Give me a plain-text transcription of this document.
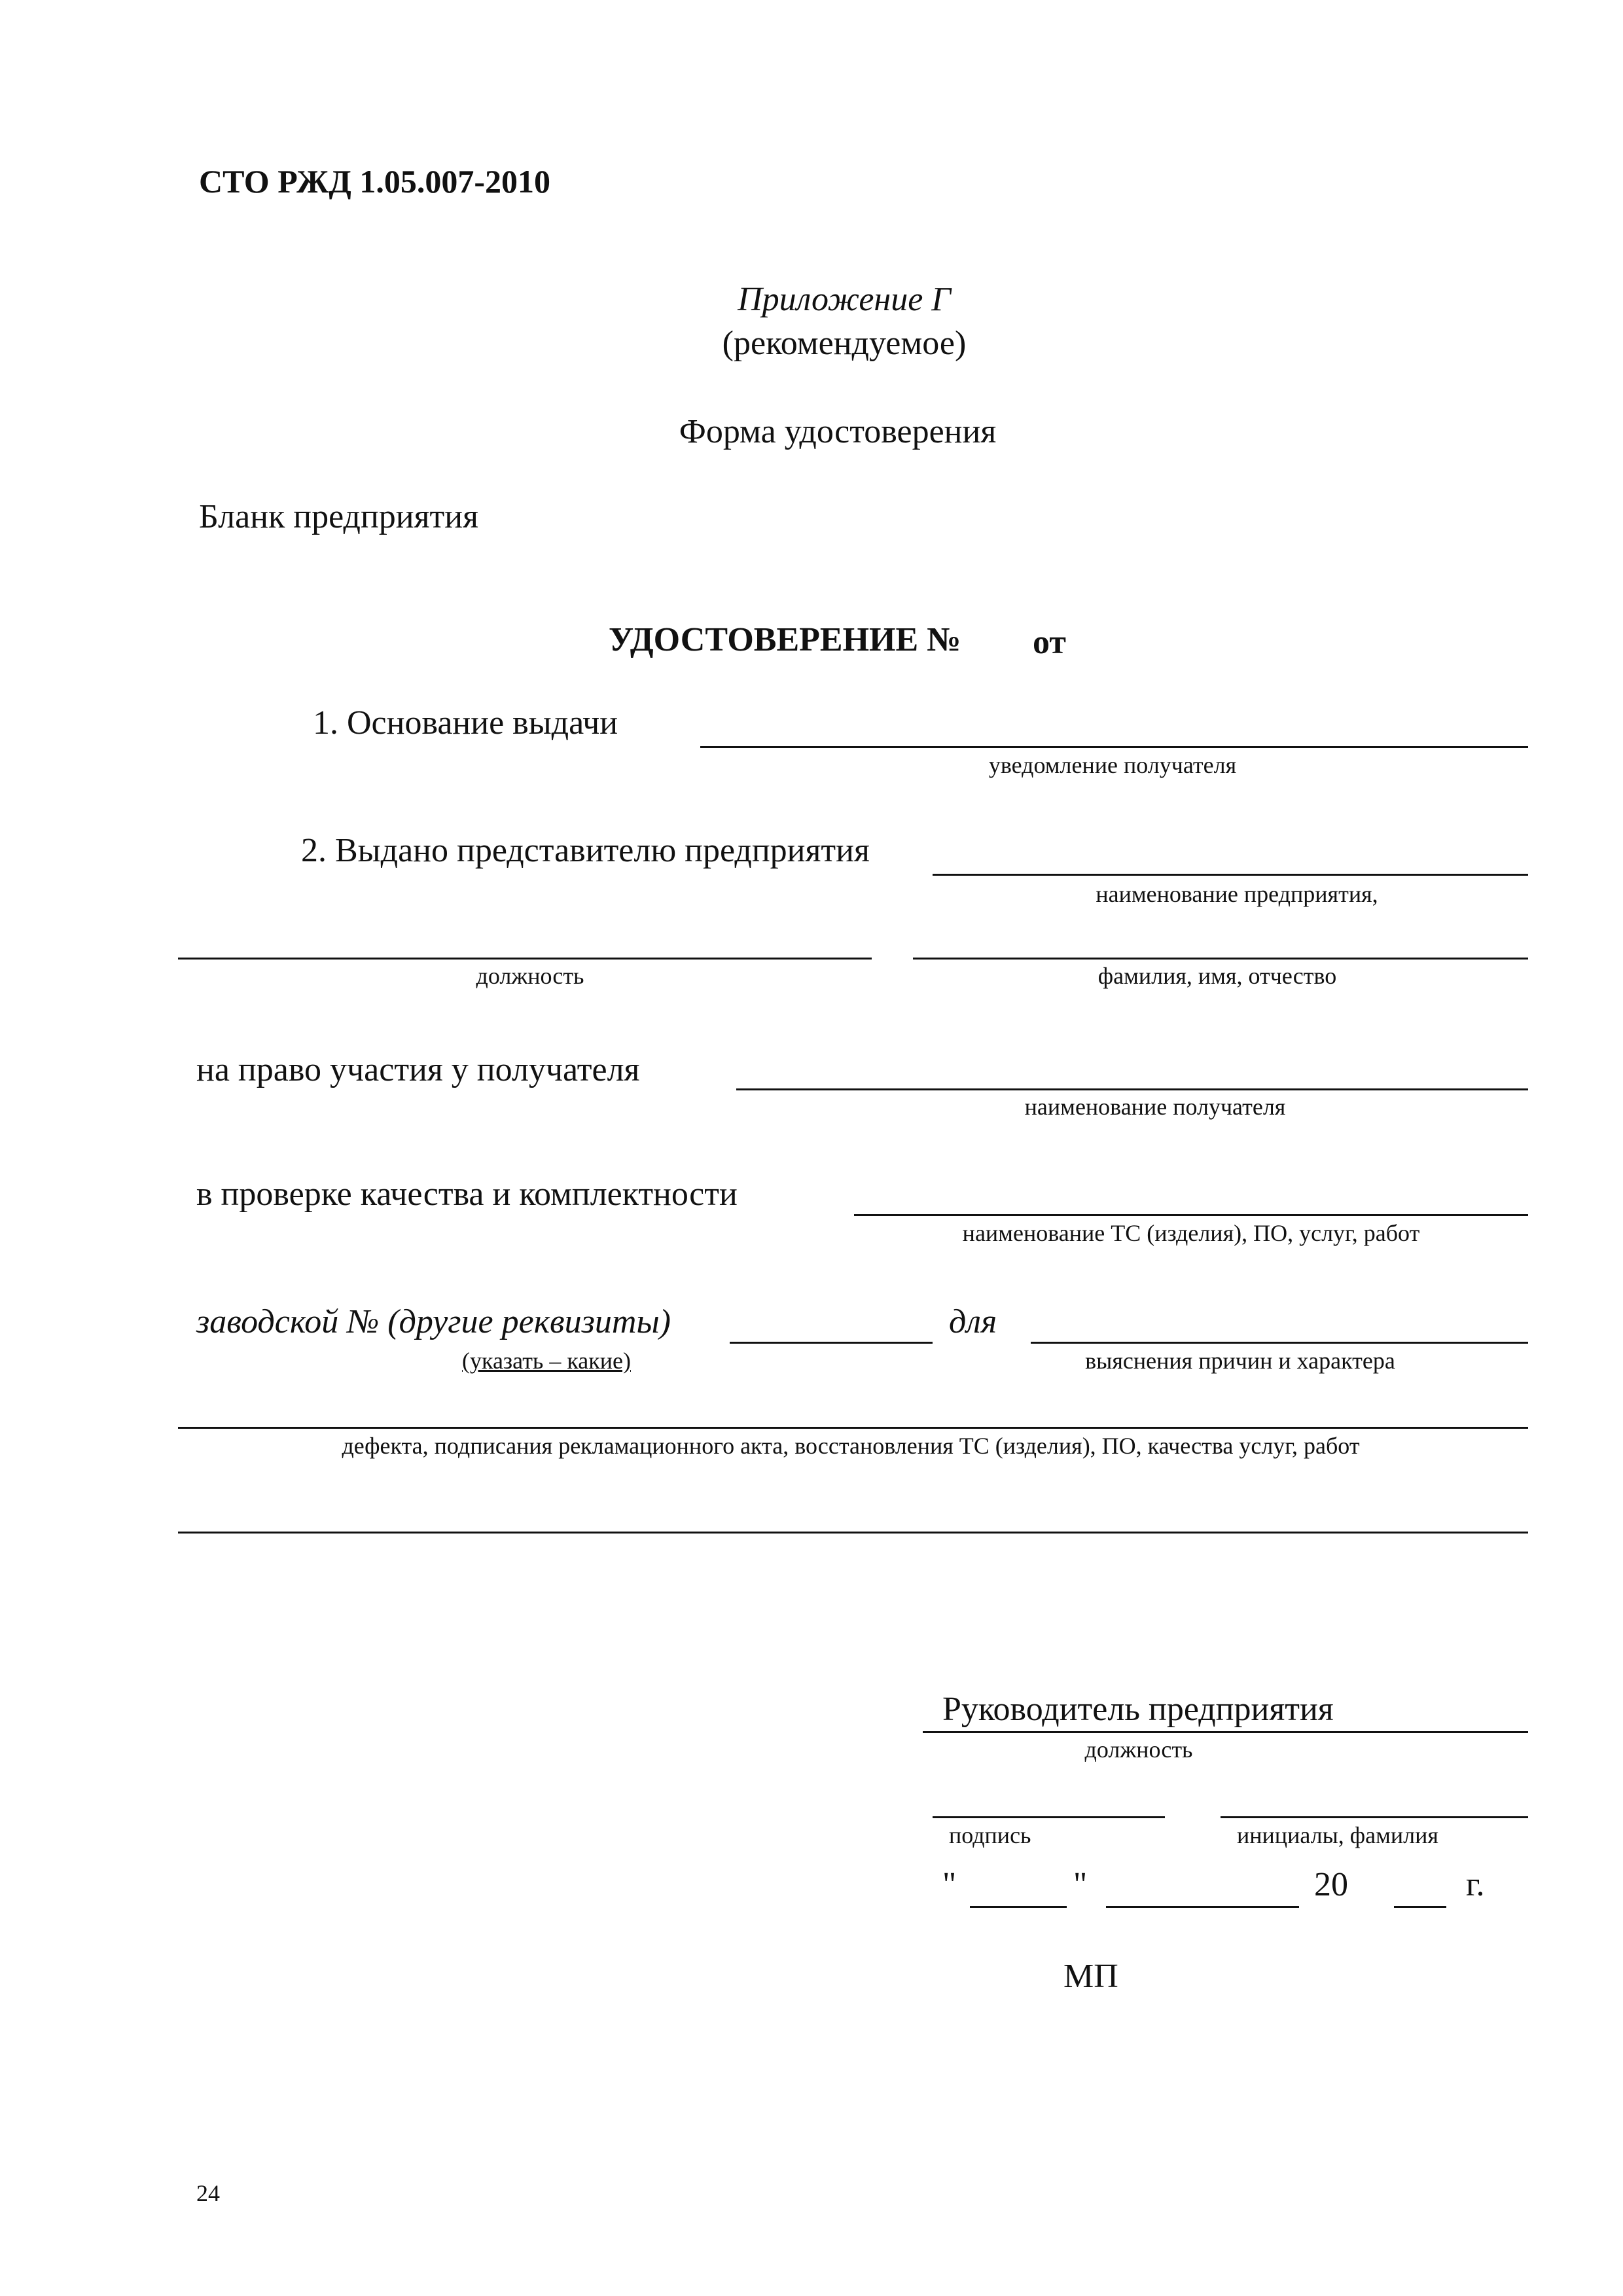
СТО РЖД 1.05.007-2010
Приложение Г
(рекомендуемое)
Форма удостоверения
Бланк предприятия
УДОСТОВЕРЕНИЕ № от
1. Основание выдачи
уведомление получателя
2. Выдано представителю предприятия
наименование предприятия,
должность	фамилия, имя, отчество
на право участия у получателя
наименование получателя
в проверке качества и комплектности
наименование ТС (изделия), ПО, услуг, работ
заводской № (другие реквизиты)	для
(указать – какие)	выяснения причин и характера
дефекта, подписания рекламационного акта, восстановления ТС (изделия), ПО, качества услуг, работ
Руководитель предприятия
должность
подпись	инициалы, фамилия
"	"	20	г.
МП
24
